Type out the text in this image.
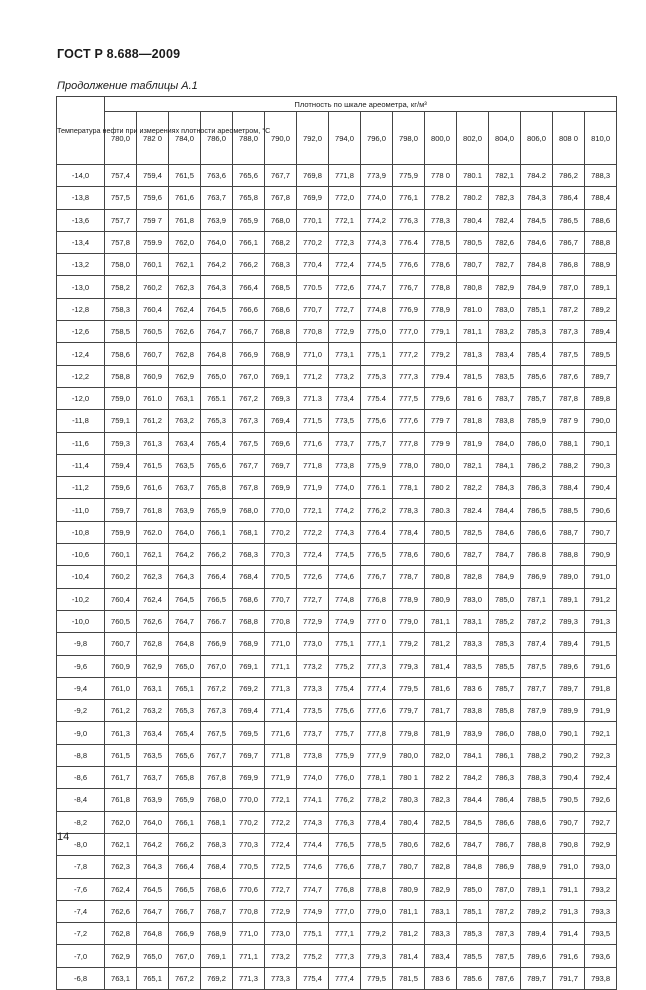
ГОСТ Р 8.688—2009
Продолжение таблицы А.1
Температура нефти при измерениях плотности ареометром, °С	Плотность по шкале ареометра, кг/м³															
	780,0	782 0	784,0	786,0	788,0	790,0	792,0	794,0	796,0	798,0	800,0	802,0	804,0	806,0	808 0	810,0
-14,0	757,4	759,4	761,5	763,6	765,6	767,7	769,8	771,8	773,9	775,9	778 0	780.1	782,1	784.2	786,2	788,3
-13,8	757,5	759,6	761,6	763,7	765,8	767,8	769,9	772,0	774,0	776,1	778.2	780.2	782,3	784,3	786,4	788,4
-13,6	757,7	759 7	761,8	763,9	765,9	768,0	770,1	772,1	774,2	776,3	778,3	780,4	782,4	784,5	786,5	788,6
-13,4	757,8	759.9	762,0	764,0	766,1	768,2	770,2	772,3	774,3	776.4	778,5	780,5	782,6	784,6	786,7	788,8
-13,2	758,0	760,1	762,1	764,2	766,2	768,3	770,4	772,4	774,5	776,6	778,6	780,7	782,7	784,8	786,8	788,9
-13,0	758,2	760,2	762,3	764,3	766,4	768,5	770.5	772,6	774,7	776,7	778,8	780,8	782,9	784,9	787,0	789,1
-12,8	758,3	760,4	762,4	764,5	766,6	768,6	770,7	772,7	774,8	776,9	778,9	781.0	783,0	785,1	787,2	789,2
-12,6	758,5	760,5	762,6	764,7	766,7	768,8	770,8	772,9	775,0	777,0	779,1	781,1	783,2	785,3	787,3	789,4
-12,4	758,6	760,7	762,8	764,8	766,9	768,9	771,0	773,1	775,1	777,2	779,2	781,3	783,4	785,4	787,5	789,5
-12,2	758,8	760,9	762,9	765,0	767,0	769,1	771,2	773,2	775,3	777,3	779.4	781,5	783,5	785,6	787,6	789,7
-12,0	759,0	761.0	763,1	765.1	767,2	769,3	771.3	773,4	775.4	777,5	779,6	781 6	783,7	785,7	787,8	789,8
-11,8	759,1	761,2	763,2	765,3	767,3	769,4	771,5	773,5	775,6	777,6	779 7	781,8	783,8	785,9	787 9	790,0
-11,6	759,3	761,3	763,4	765,4	767,5	769,6	771,6	773,7	775,7	777,8	779 9	781,9	784,0	786,0	788,1	790,1
-11,4	759,4	761,5	763,5	765,6	767,7	769,7	771,8	773,8	775,9	778,0	780,0	782,1	784,1	786,2	788,2	790,3
-11,2	759,6	761,6	763,7	765,8	767,8	769,9	771,9	774,0	776.1	778,1	780 2	782,2	784,3	786,3	788,4	790,4
-11,0	759,7	761,8	763,9	765,9	768,0	770,0	772,1	774,2	776,2	778,3	780.3	782.4	784,4	786,5	788,5	790,6
-10,8	759,9	762.0	764,0	766,1	768,1	770,2	772,2	774,3	776.4	778,4	780,5	782,5	784,6	786,6	788,7	790,7
-10,6	760,1	762,1	764,2	766,2	768,3	770,3	772,4	774,5	776,5	778,6	780,6	782,7	784,7	786.8	788,8	790,9
-10,4	760,2	762,3	764,3	766,4	768,4	770,5	772,6	774,6	776,7	778,7	780,8	782,8	784,9	786,9	789,0	791,0
-10,2	760,4	762,4	764,5	766,5	768,6	770,7	772,7	774,8	776,8	778,9	780,9	783,0	785,0	787,1	789,1	791,2
-10,0	760,5	762,6	764,7	766.7	768,8	770,8	772,9	774,9	777 0	779,0	781,1	783,1	785,2	787,2	789,3	791,3
-9,8	760,7	762,8	764,8	766,9	768,9	771,0	773,0	775,1	777,1	779,2	781,2	783,3	785,3	787,4	789,4	791,5
-9,6	760,9	762,9	765,0	767,0	769,1	771,1	773,2	775,2	777,3	779,3	781,4	783,5	785,5	787,5	789,6	791,6
-9,4	761,0	763,1	765,1	767,2	769,2	771,3	773,3	775,4	777,4	779,5	781,6	783 6	785,7	787,7	789,7	791,8
-9,2	761,2	763,2	765,3	767,3	769,4	771,4	773,5	775,6	777,6	779,7	781,7	783,8	785,8	787,9	789,9	791,9
-9,0	761,3	763,4	765,4	767,5	769,5	771,6	773,7	775,7	777,8	779,8	781,9	783,9	786,0	788,0	790,1	792,1
-8,8	761,5	763,5	765,6	767,7	769,7	771,8	773,8	775,9	777,9	780,0	782,0	784,1	786,1	788,2	790,2	792,3
-8,6	761,7	763,7	765,8	767,8	769,9	771,9	774,0	776,0	778,1	780 1	782 2	784,2	786,3	788,3	790,4	792,4
-8,4	761,8	763,9	765,9	768,0	770,0	772,1	774,1	776,2	778,2	780,3	782,3	784,4	786,4	788,5	790,5	792,6
-8,2	762,0	764,0	766,1	768,1	770,2	772,2	774,3	776,3	778,4	780,4	782,5	784,5	786,6	788,6	790,7	792,7
-8,0	762,1	764,2	766,2	768,3	770,3	772,4	774,4	776,5	778,5	780,6	782,6	784,7	786,7	788,8	790,8	792,9
-7,8	762,3	764,3	766,4	768,4	770,5	772,5	774,6	776,6	778,7	780,7	782,8	784,8	786,9	788,9	791,0	793,0
-7,6	762,4	764,5	766,5	768,6	770,6	772,7	774,7	776,8	778,8	780,9	782,9	785,0	787,0	789,1	791,1	793,2
-7,4	762,6	764,7	766,7	768,7	770,8	772,9	774,9	777,0	779,0	781,1	783,1	785,1	787,2	789,2	791,3	793,3
-7,2	762,8	764,8	766,9	768,9	771,0	773,0	775,1	777,1	779,2	781,2	783,3	785,3	787,3	789,4	791,4	793,5
-7,0	762,9	765,0	767,0	769,1	771,1	773,2	775,2	777,3	779,3	781,4	783,4	785,5	787,5	789,6	791,6	793,6
-6,8	763,1	765,1	767,2	769,2	771,3	773,3	775,4	777,4	779,5	781,5	783 6	785.6	787,6	789,7	791,7	793,8
14
